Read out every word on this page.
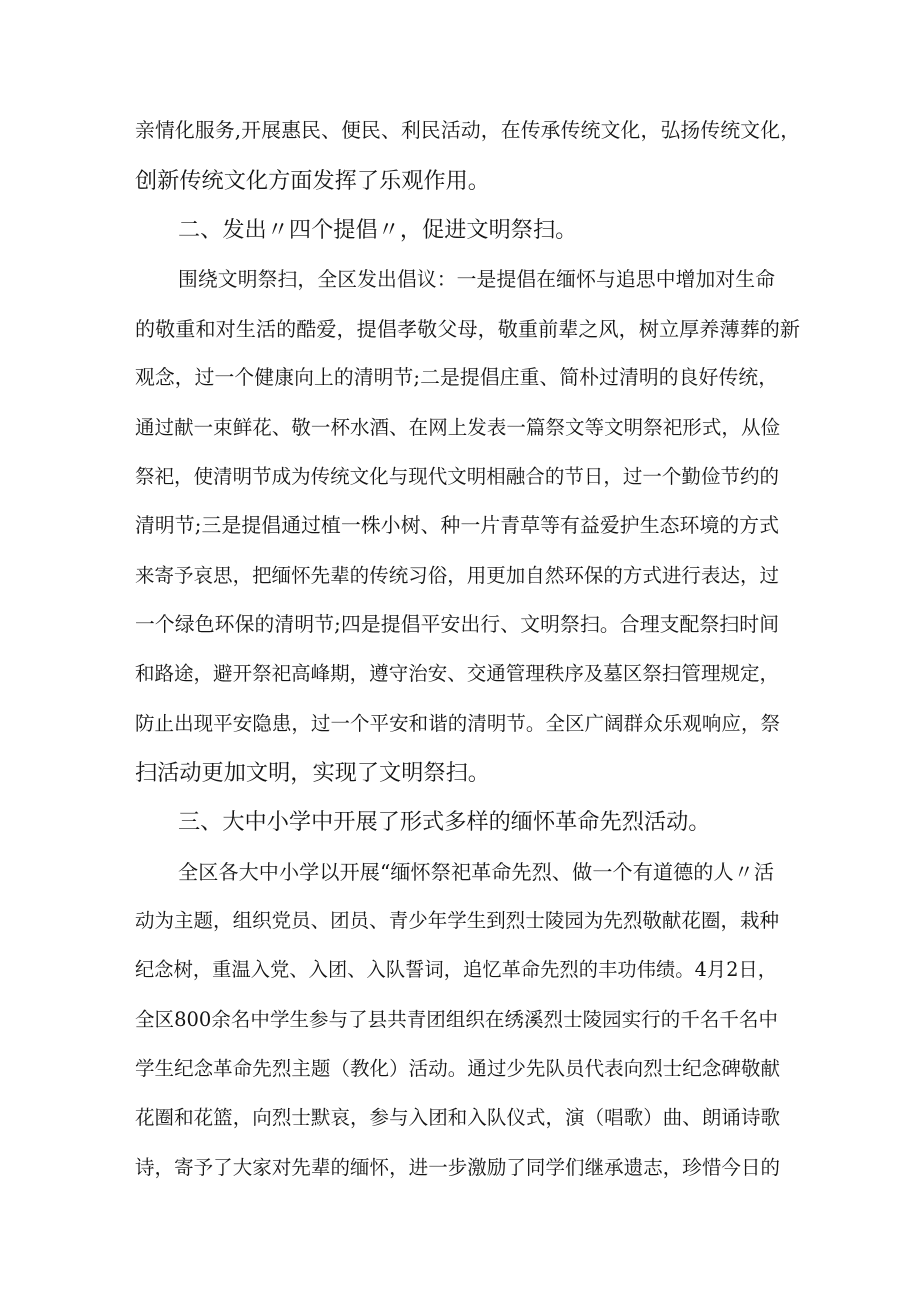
亲情化服务,开展惠民、便民、利民活动，在传承传统文化，弘扬传统文化，
创新传统文化方面发挥了乐观作用。
二、发出〃四个提倡〃，促进文明祭扫。
围绕文明祭扫，全区发出倡议：一是提倡在缅怀与追思中增加对生命
的敬重和对生活的酷爱，提倡孝敬父母，敬重前辈之风，树立厚养薄葬的新
观念，过一个健康向上的清明节;二是提倡庄重、简朴过清明的良好传统，
通过献一束鲜花、敬一杯水酒、在网上发表一篇祭文等文明祭祀形式，从俭
祭祀，使清明节成为传统文化与现代文明相融合的节日，过一个勤俭节约的
清明节;三是提倡通过植一株小树、种一片青草等有益爱护生态环境的方式
来寄予哀思，把缅怀先辈的传统习俗，用更加自然环保的方式进行表达，过
一个绿色环保的清明节;四是提倡平安出行、文明祭扫。合理支配祭扫时间
和路途，避开祭祀高峰期，遵守治安、交通管理秩序及墓区祭扫管理规定，
防止出现平安隐患，过一个平安和谐的清明节。全区广阔群众乐观响应，祭
扫活动更加文明，实现了文明祭扫。
三、大中小学中开展了形式多样的缅怀革命先烈活动。
全区各大中小学以开展“缅怀祭祀革命先烈、做一个有道德的人〃活
动为主题，组织党员、团员、青少年学生到烈士陵园为先烈敬献花圈，栽种
纪念树，重温入党、入团、入队誓词，追忆革命先烈的丰功伟绩。4月2日，
全区800余名中学生参与了县共青团组织在绣溪烈士陵园实行的千名千名中
学生纪念革命先烈主题（教化）活动。通过少先队员代表向烈士纪念碑敬献
花圈和花篮，向烈士默哀，参与入团和入队仪式，演（唱歌）曲、朗诵诗歌
诗，寄予了大家对先辈的缅怀，进一步激励了同学们继承遗志，珍惜今日的
